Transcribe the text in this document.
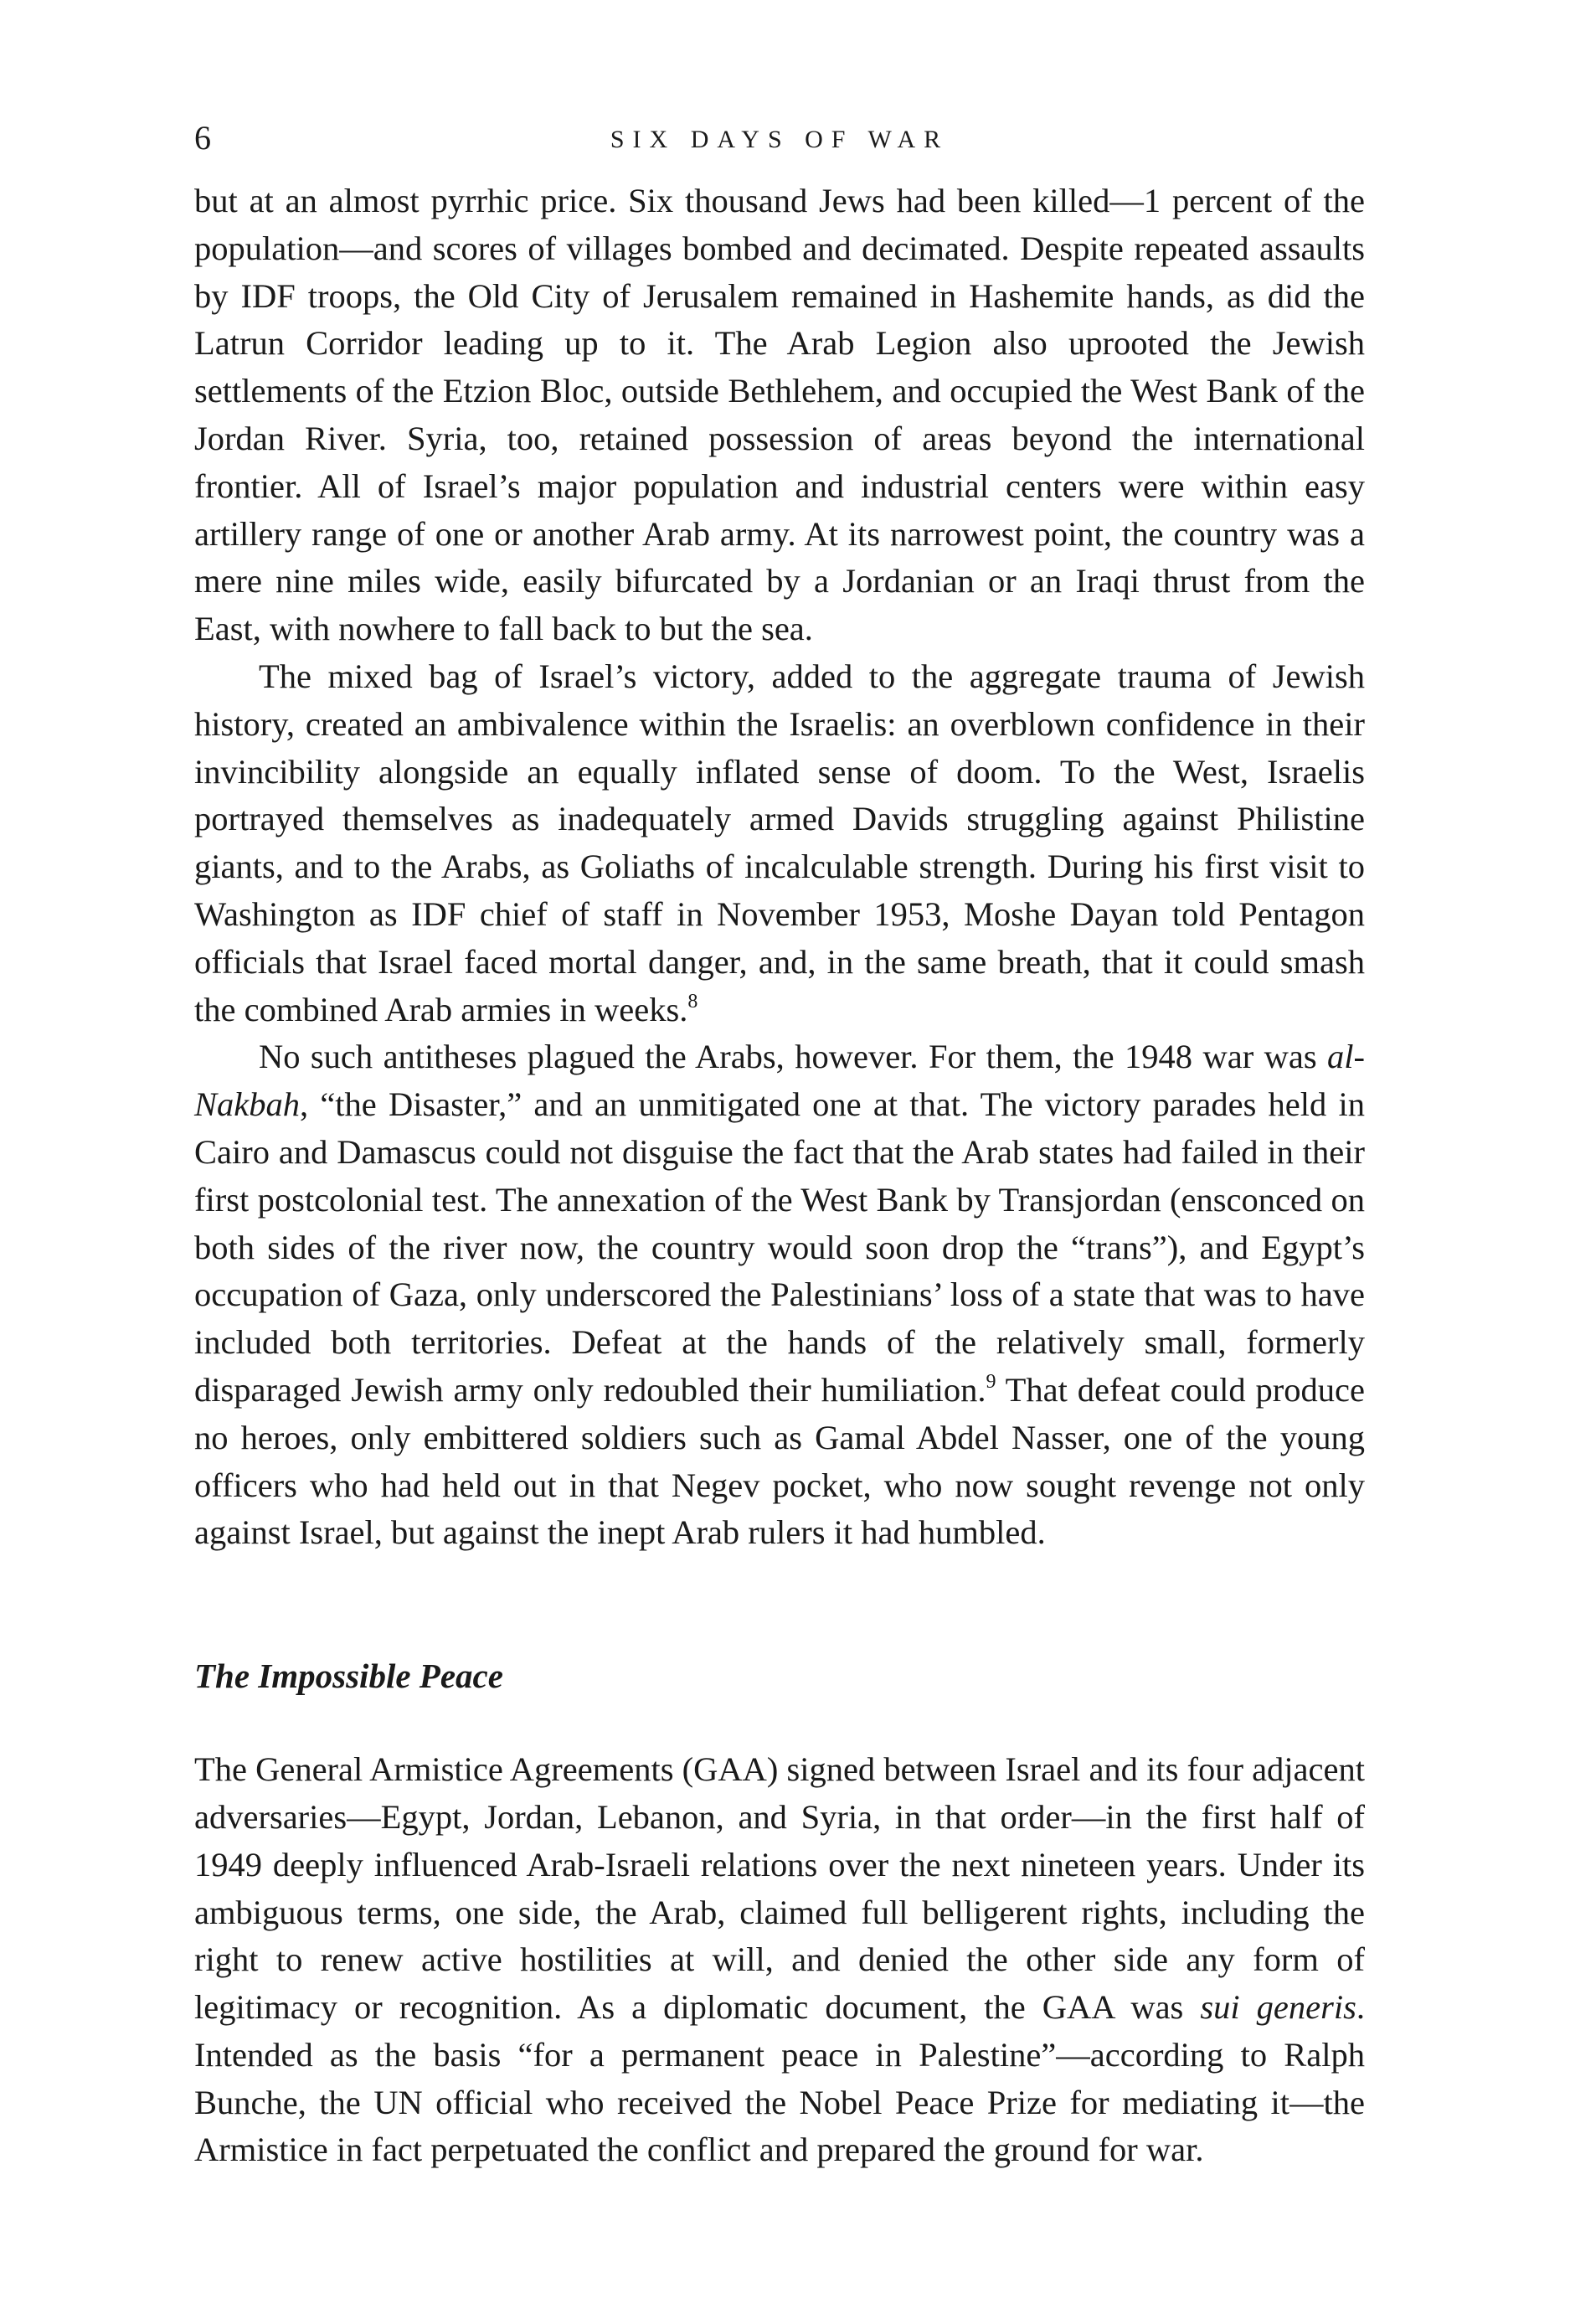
6	SIX DAYS OF WAR

but at an almost pyrrhic price. Six thousand Jews had been killed—1 percent of the population—and scores of villages bombed and decimated. Despite repeated assaults by IDF troops, the Old City of Jerusalem remained in Hashemite hands, as did the Latrun Corridor leading up to it. The Arab Legion also uprooted the Jewish settlements of the Etzion Bloc, outside Bethlehem, and occupied the West Bank of the Jordan River. Syria, too, retained possession of areas beyond the international frontier. All of Israel’s major population and industrial centers were within easy artillery range of one or another Arab army. At its narrowest point, the country was a mere nine miles wide, easily bifurcated by a Jordanian or an Iraqi thrust from the East, with nowhere to fall back to but the sea.

The mixed bag of Israel’s victory, added to the aggregate trauma of Jewish history, created an ambivalence within the Israelis: an overblown confidence in their invincibility alongside an equally inflated sense of doom. To the West, Israelis portrayed themselves as inadequately armed Davids struggling against Philistine giants, and to the Arabs, as Goliaths of incalculable strength. During his first visit to Washington as IDF chief of staff in November 1953, Moshe Dayan told Pentagon officials that Israel faced mortal danger, and, in the same breath, that it could smash the combined Arab armies in weeks.$^8$

No such antitheses plagued the Arabs, however. For them, the 1948 war was al-Nakbah, “the Disaster,” and an unmitigated one at that. The victory parades held in Cairo and Damascus could not disguise the fact that the Arab states had failed in their first postcolonial test. The annexation of the West Bank by Transjordan (ensconced on both sides of the river now, the country would soon drop the “trans”), and Egypt’s occupation of Gaza, only underscored the Palestinians’ loss of a state that was to have included both territories. Defeat at the hands of the relatively small, formerly disparaged Jewish army only redoubled their humiliation.$^9$ That defeat could produce no heroes, only embittered soldiers such as Gamal Abdel Nasser, one of the young officers who had held out in that Negev pocket, who now sought revenge not only against Israel, but against the inept Arab rulers it had humbled.

The Impossible Peace

The General Armistice Agreements (GAA) signed between Israel and its four adjacent adversaries—Egypt, Jordan, Lebanon, and Syria, in that order—in the first half of 1949 deeply influenced Arab-Israeli relations over the next nineteen years. Under its ambiguous terms, one side, the Arab, claimed full belligerent rights, including the right to renew active hostilities at will, and denied the other side any form of legitimacy or recognition. As a diplomatic document, the GAA was sui generis. Intended as the basis “for a permanent peace in Palestine”—according to Ralph Bunche, the UN official who received the Nobel Peace Prize for mediating it—the Armistice in fact perpetuated the conflict and prepared the ground for war.
